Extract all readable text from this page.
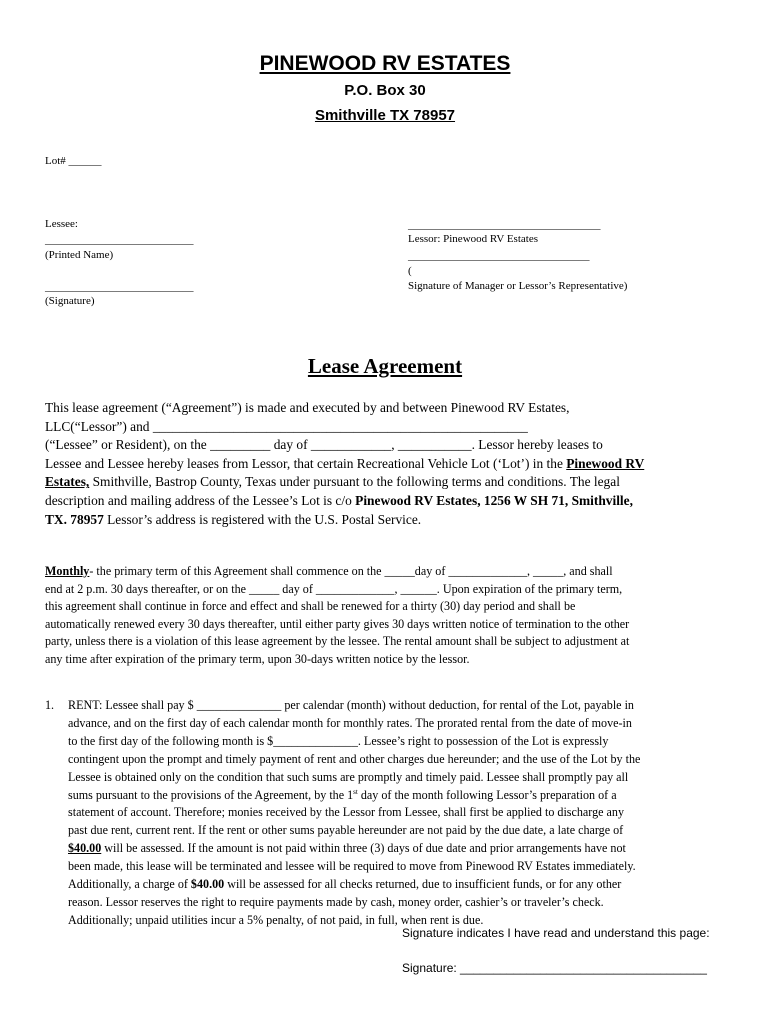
PINEWOOD RV ESTATES
P.O. Box 30
Smithville TX 78957
Lot# ______
Lessee:
___________________________
(Printed Name)
___________________________
(Signature)
___________________________________
Lessor: Pinewood RV Estates
_________________________________
(
Signature of Manager or Lessor’s Representative)
Lease Agreement
This lease agreement (“Agreement”) is made and executed by and between Pinewood RV Estates,
LLC(“Lessor”) and ________________________________________________________
(“Lessee” or Resident), on the _________ day of ____________, ___________. Lessor hereby leases to
Lessee and Lessee hereby leases from Lessor, that certain Recreational Vehicle Lot (‘Lot’) in the Pinewood RV
Estates, Smithville, Bastrop County, Texas under pursuant to the following terms and conditions. The legal
description and mailing address of the Lessee’s Lot is c/o Pinewood RV Estates, 1256 W SH 71, Smithville,
TX. 78957 Lessor’s address is registered with the U.S. Postal Service.
Monthly- the primary term of this Agreement shall commence on the _____day of _____________, _____, and shall
end at 2 p.m. 30 days thereafter, or on the _____ day of _____________, ______. Upon expiration of the primary term,
this agreement shall continue in force and effect and shall be renewed for a thirty (30) day period and shall be
automatically renewed every 30 days thereafter, until either party gives 30 days written notice of termination to the other
party, unless there is a violation of this lease agreement by the lessee. The rental amount shall be subject to adjustment at
any time after expiration of the primary term, upon 30-days written notice by the lessor.
1. RENT: Lessee shall pay $ ______________ per calendar (month) without deduction, for rental of the Lot, payable in
advance, and on the first day of each calendar month for monthly rates. The prorated rental from the date of move-in
to the first day of the following month is $______________. Lessee’s right to possession of the Lot is expressly
contingent upon the prompt and timely payment of rent and other charges due hereunder; and the use of the Lot by the
Lessee is obtained only on the condition that such sums are promptly and timely paid. Lessee shall promptly pay all
sums pursuant to the provisions of the Agreement, by the 1st day of the month following Lessor’s preparation of a
statement of account. Therefore; monies received by the Lessor from Lessee, shall first be applied to discharge any
past due rent, current rent. If the rent or other sums payable hereunder are not paid by the due date, a late charge of
$40.00 will be assessed. If the amount is not paid within three (3) days of due date and prior arrangements have not
been made, this lease will be terminated and lessee will be required to move from Pinewood RV Estates immediately.
Additionally, a charge of $40.00 will be assessed for all checks returned, due to insufficient funds, or for any other
reason. Lessor reserves the right to require payments made by cash, money order, cashier’s or traveler’s check.
Additionally; unpaid utilities incur a 5% penalty, of not paid, in full, when rent is due.
Signature indicates I have read and understand this page:
Signature: _____________________________________
